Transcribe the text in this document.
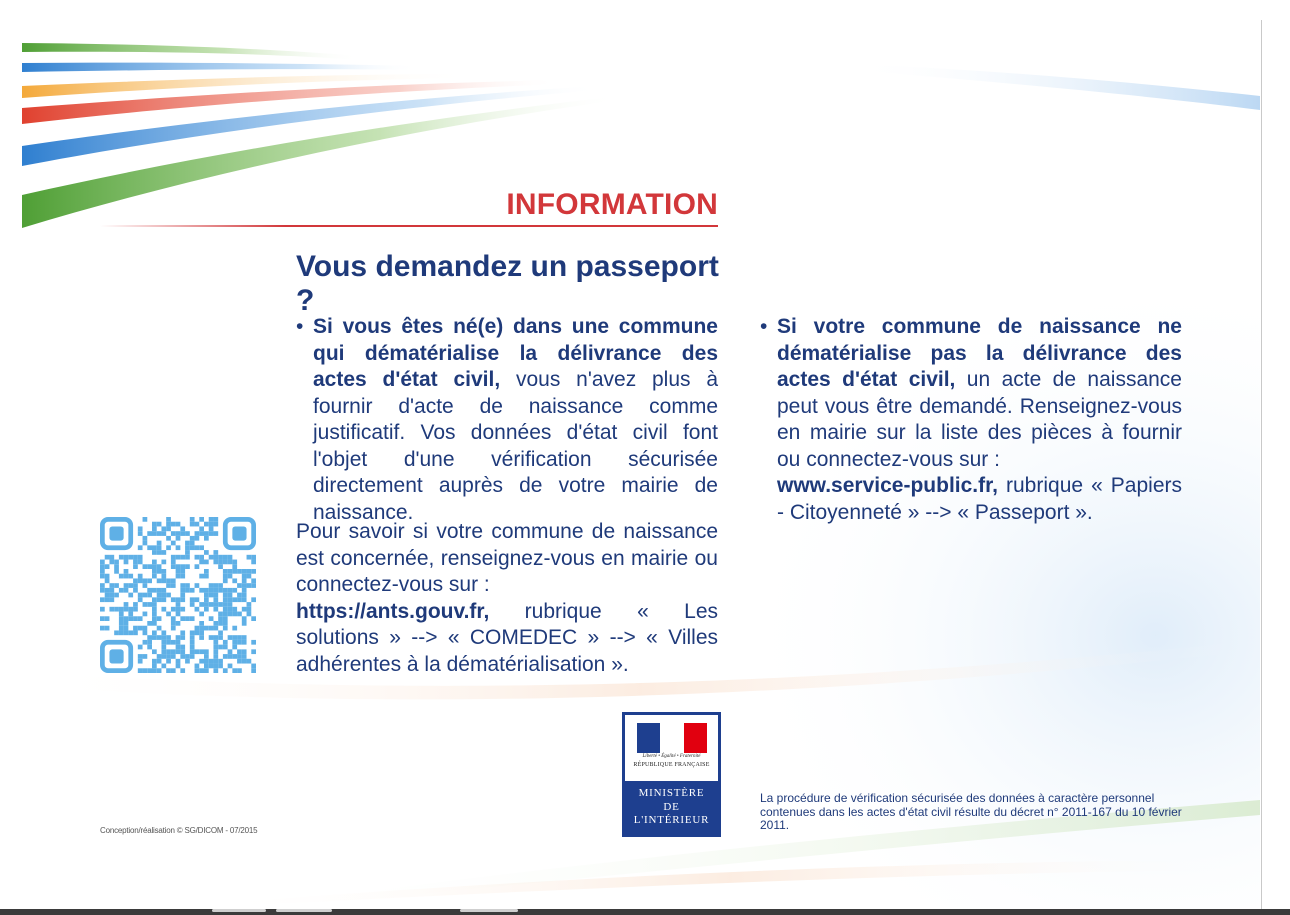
INFORMATION
Vous demandez un passeport ?
• Si vous êtes né(e) dans une commune qui dématérialise la délivrance des actes d'état civil, vous n'avez plus à fournir d'acte de naissance comme justificatif. Vos données d'état civil font l'objet d'une vérification sécurisée directement auprès de votre mairie de naissance.
• Si votre commune de naissance ne dématérialise pas la délivrance des actes d'état civil, un acte de naissance peut vous être demandé. Renseignez-vous en mairie sur la liste des pièces à fournir ou connectez-vous sur :
www.service-public.fr, rubrique « Papiers - Citoyenneté » --> « Passeport ».
Pour savoir si votre commune de naissance est concernée, renseignez-vous en mairie ou connectez-vous sur :
https://ants.gouv.fr, rubrique « Les solutions » --> « COMEDEC » --> « Villes adhérentes à la dématérialisation ».
Liberté • Égalité • Fraternité
RÉPUBLIQUE FRANÇAISE
MINISTÈRE
DE
L'INTÉRIEUR
Conception/réalisation © SG/DICOM - 07/2015
La procédure de vérification sécurisée des données à caractère personnel contenues dans les actes d'état civil résulte du décret n° 2011-167 du 10 février 2011.
